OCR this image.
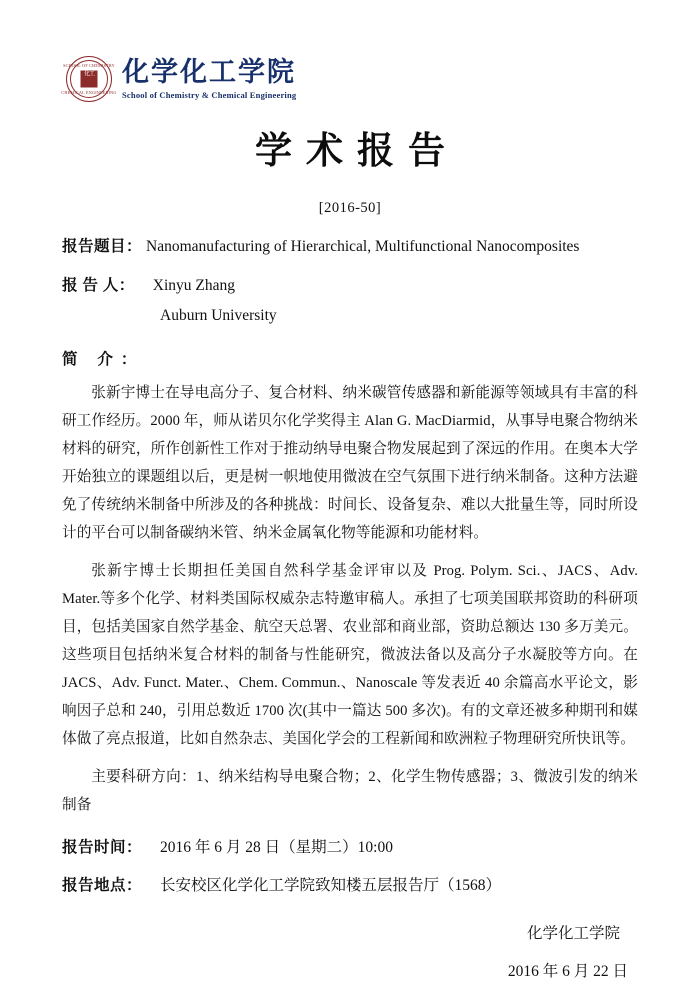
SCHOOL OF CHEMISTRY
CHEMICAL ENGINEERING
化工 化学化工学院
School of Chemistry & Chemical Engineering
学术报告
[2016-50]
报告题目： Nanomanufacturing of Hierarchical, Multifunctional Nanocomposites
报 告 人：	Xinyu Zhang
Auburn University
简 介：
张新宇博士在导电高分子、复合材料、纳米碳管传感器和新能源等领域具有丰富的科研工作经历。2000 年，师从诺贝尔化学奖得主 Alan G. MacDiarmid，从事导电聚合物纳米材料的研究，所作创新性工作对于推动纳导电聚合物发展起到了深远的作用。在奥本大学开始独立的课题组以后，更是树一帜地使用微波在空气氛围下进行纳米制备。这种方法避免了传统纳米制备中所涉及的各种挑战：时间长、设备复杂、难以大批量生等，同时所设计的平台可以制备碳纳米管、纳米金属氧化物等能源和功能材料。
张新宇博士长期担任美国自然科学基金评审以及 Prog. Polym. Sci.、JACS、Adv. Mater.等多个化学、材料类国际权威杂志特邀审稿人。承担了七项美国联邦资助的科研项目，包括美国家自然学基金、航空天总署、农业部和商业部，资助总额达 130 多万美元。这些项目包括纳米复合材料的制备与性能研究，微波法备以及高分子水凝胶等方向。在 JACS、Adv. Funct. Mater.、Chem. Commun.、Nanoscale 等发表近 40 余篇高水平论文，影响因子总和 240，引用总数近 1700 次(其中一篇达 500 多次)。有的文章还被多种期刊和媒体做了亮点报道，比如自然杂志、美国化学会的工程新闻和欧洲粒子物理研究所快讯等。
主要科研方向：1、纳米结构导电聚合物；2、化学生物传感器；3、微波引发的纳米制备
报告时间：	2016 年 6 月 28 日（星期二）10:00
报告地点：	长安校区化学化工学院致知楼五层报告厅（1568）
化学化工学院
2016 年 6 月 22 日
